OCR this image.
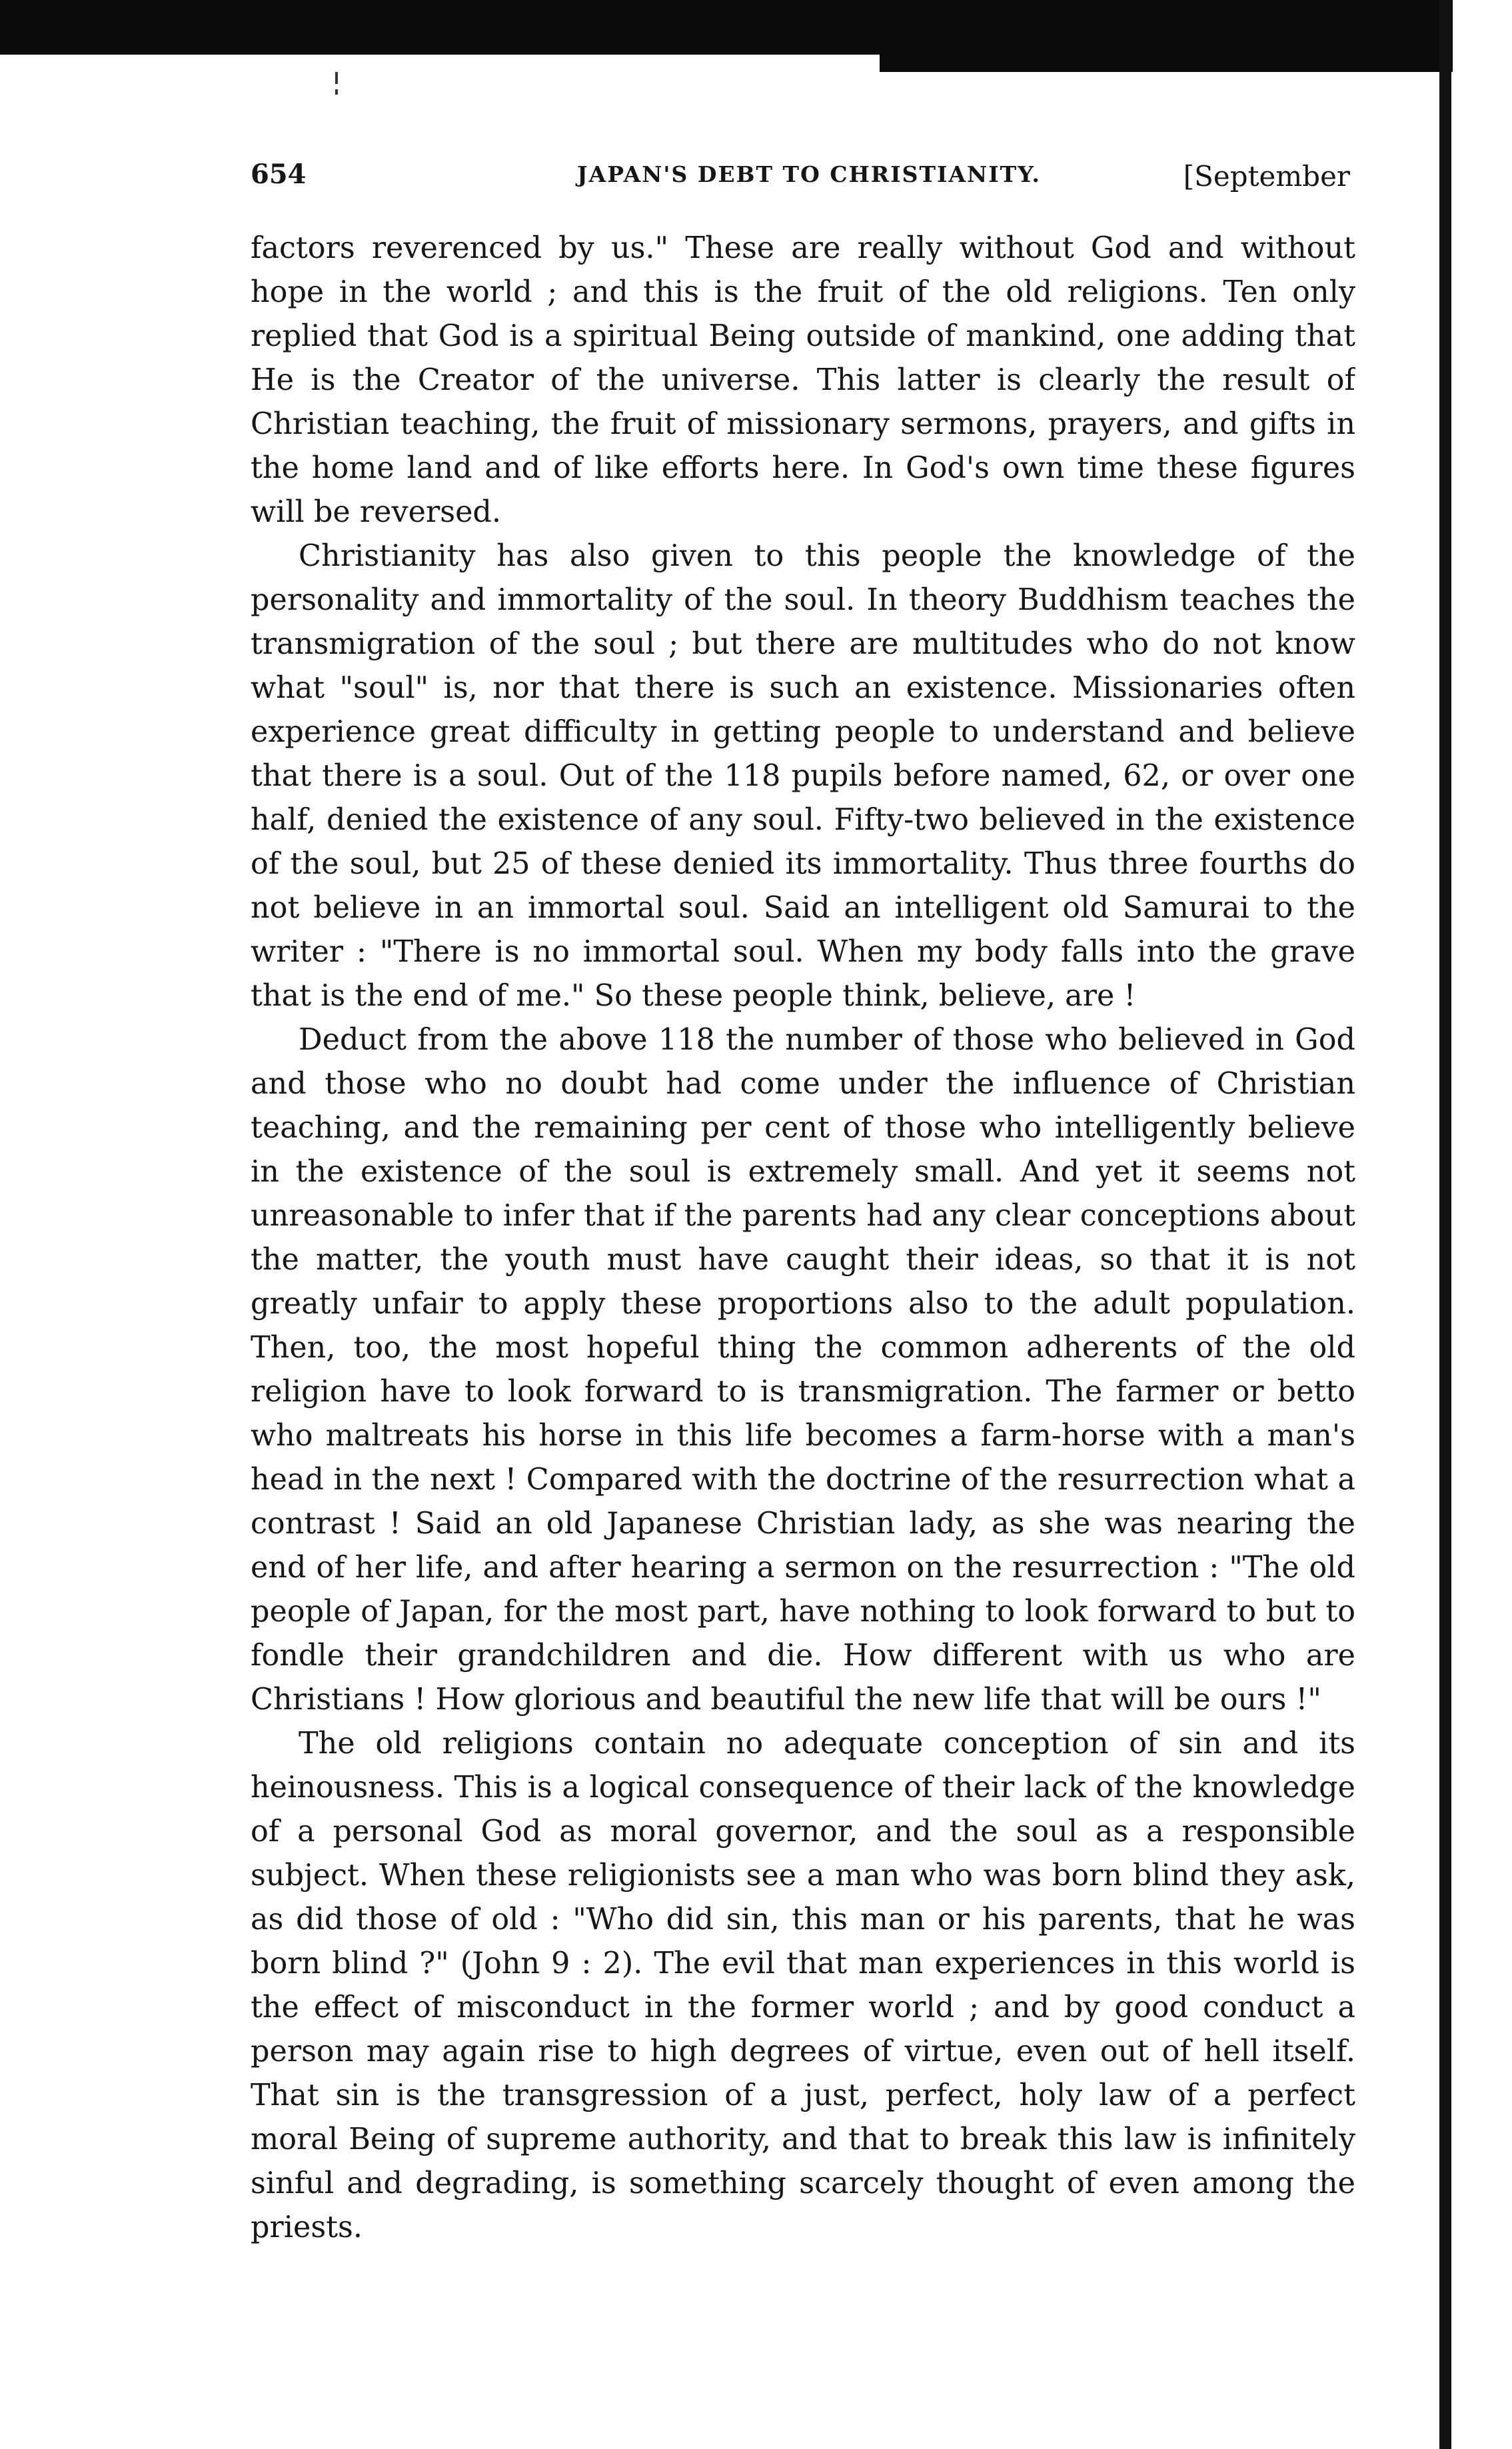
654	JAPAN'S DEBT TO CHRISTIANITY.	[September

factors reverenced by us." These are really without God and without hope in the world ; and this is the fruit of the old religions. Ten only replied that God is a spiritual Being outside of mankind, one adding that He is the Creator of the universe. This latter is clearly the result of Christian teaching, the fruit of missionary sermons, prayers, and gifts in the home land and of like efforts here. In God's own time these figures will be reversed.

Christianity has also given to this people the knowledge of the personality and immortality of the soul. In theory Buddhism teaches the transmigration of the soul ; but there are multitudes who do not know what "soul" is, nor that there is such an existence. Missionaries often experience great difficulty in getting people to understand and believe that there is a soul. Out of the 118 pupils before named, 62, or over one half, denied the existence of any soul. Fifty-two believed in the existence of the soul, but 25 of these denied its immortality. Thus three fourths do not believe in an immortal soul. Said an intelligent old Samurai to the writer : "There is no immortal soul. When my body falls into the grave that is the end of me." So these people think, believe, are !

Deduct from the above 118 the number of those who believed in God and those who no doubt had come under the influence of Christian teaching, and the remaining per cent of those who intelligently believe in the existence of the soul is extremely small. And yet it seems not unreasonable to infer that if the parents had any clear conceptions about the matter, the youth must have caught their ideas, so that it is not greatly unfair to apply these proportions also to the adult population. Then, too, the most hopeful thing the common adherents of the old religion have to look forward to is transmigration. The farmer or betto who maltreats his horse in this life becomes a farm-horse with a man's head in the next ! Compared with the doctrine of the resurrection what a contrast ! Said an old Japanese Christian lady, as she was nearing the end of her life, and after hearing a sermon on the resurrection : "The old people of Japan, for the most part, have nothing to look forward to but to fondle their grandchildren and die. How different with us who are Christians ! How glorious and beautiful the new life that will be ours !"

The old religions contain no adequate conception of sin and its heinousness. This is a logical consequence of their lack of the knowledge of a personal God as moral governor, and the soul as a responsible subject. When these religionists see a man who was born blind they ask, as did those of old : "Who did sin, this man or his parents, that he was born blind ?" (John 9 : 2). The evil that man experiences in this world is the effect of misconduct in the former world ; and by good conduct a person may again rise to high degrees of virtue, even out of hell itself. That sin is the transgression of a just, perfect, holy law of a perfect moral Being of supreme authority, and that to break this law is infinitely sinful and degrading, is something scarcely thought of even among the priests.
